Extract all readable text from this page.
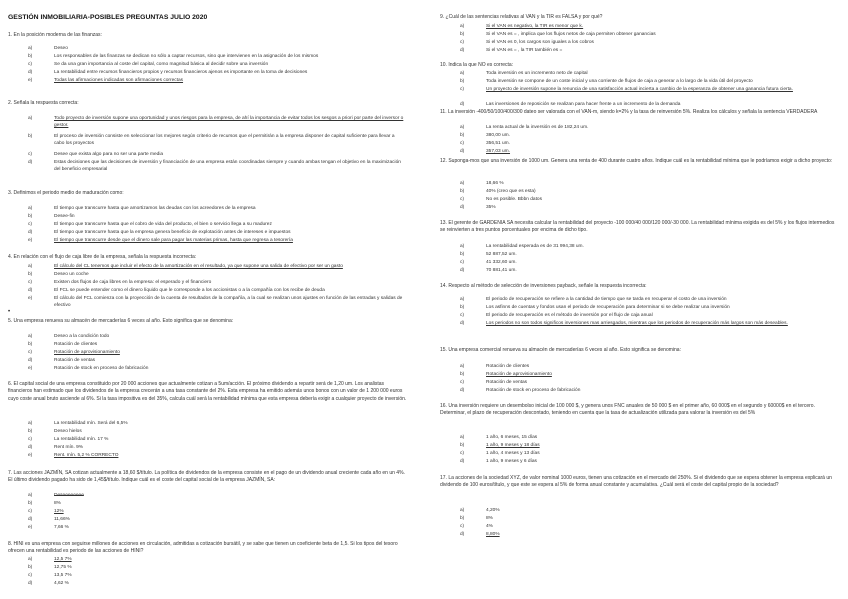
GESTIÓN INMOBILIARIA-POSIBLES PREGUNTAS JULIO 2020
1. En la posición moderna de las finanzas:
a)	Deseo
b)	Los responsables de las finanzas se dedican no sólo a captar recursos, sino que intervienen en la asignación de los mismos
c)	Se da una gran importancia al coste del capital, como magnitud básica al decidir sobre una inversión
d)	La rentabilidad entre recursos financieros propios y recursos financieros ajenos es importante en la toma de decisiones
e)	Todas las afirmaciones indicadas son afirmaciones correctas
2. Señala la respuesta correcta:
a)	Todo proyecto de inversión supone una oportunidad y unos riesgos para la empresa, de ahí la importancia de evitar todos los sesgos a priori por parte del inversor o gestor.
b)	El proceso de inversión consiste en seleccionar los mejores según criterio de recursos que el permitirán a la empresa disponer de capital suficiente para llevar a cabo los proyectos
c)	Desee que exista algo para no ser una parte media
d)	Estas decisiones que las decisiones de inversión y financiación de una empresa están coordinadas siempre y cuando ambas tengan el objetivo en la maximización del beneficio empresarial
3. Definimos el periodo medio de maduración como:
a)	El tiempo que transcurre hasta que amortizamos las deudas con los acreedores de la empresa
b)	Desee-fin
c)	El tiempo que transcurre hasta que el cobro de vida del producto, el bien o servicio llega a su madurez
d)	El tiempo que transcurre hasta que la empresa genera beneficio de explotación antes de intereses e impuestos
e)	El tiempo que transcurre desde que el dinero sale para pagar las materias primas, hasta que regresa a tesorería
4. En relación con el flujo de caja libre de la empresa, señala la respuesta incorrecta:
a)	El cálculo del CL tenemos que incluir el efecto de la amortización en el resultado, ya que supone una salida de efectivo por ser un gasto
b)	Deseo un coche
c)	Existen dos flujos de caja libres en la empresa: el esperado y el financiero
d)	El FCL se puede entender como el dinero líquido que le corresponde a los accionistas o a la compañía con los recibe de deuda
e)	El cálculo del FCL comienza con la proyección de la cuenta de resultados de la compañía, a la cual se realizan unos ajustes en función de las entradas y salidas de efectivo
•
5. Una empresa renueva su almacén de mercaderías 6 veces al año. Esto significa que se denomina:
a)	Deseo a la condición todo
b)	Rotación de clientes
c)	Rotación de aprovisionamiento
d)	Rotación de ventas
e)	Rotación de stock en proceso de fabricación
6. El capital social de una empresa constituido por 20 000 acciones que actualmente cotizan a 5um/acción. El próximo dividendo a repartir será de 1,20 um. Los analistas financieros han estimado que los dividendos de la empresa crecerán a una tasa constante del 2%. Esta empresa ha emitido además unos bonos con un valor de 1 200 000 euros cuyo coste anual bruto asciende al 6%. Si la tasa impositiva es del 35%, calcula cuál será la rentabilidad mínima que esta empresa debería exigir a cualquier proyecto de inversión.
a)	La rentabilidad mín. Será del 6,5%
b)	Deseo hielos
c)	La rentabilidad mín. 17 %
d)	Rent mín. 9%
e)	Rent. mín. 5,2 % CORRECTO
7. Las acciones JAZMÍN, SA cotizan actualmente a 18,60 $/título. La política de dividendos de la empresa consiste en el pago de un dividendo anual creciente cada año en un 4%. El último dividendo pagado ha sido de 1,45$/título. Indique cuál es el coste del capital social de la empresa JAZMÍN, SA:
a)	Deseeeeeeee
b)	8%
c)	12%
d)	11,66%
e)	7,66 %
8. HINI es una empresa con seguirse millones de acciones en circulación, admitidas a cotización bursátil, y se sabe que tienen un coeficiente beta de 1,5. Si los tipos del tesoro ofrecen una rentabilidad es periodo de las acciones de HINI?
a)	12,5 7%
b)	12,75 %
c)	13,5 7%
d)	4,62 %
9. ¿Cuál de las sentencias relativas al VAN y la TIR es FALSA y por qué?
a)	Si el VAN es negativo, la TIR es menor que k.
b)	Si el VAN es = , implica que los flujos netos de caja permiten obtener ganancias
c)	Si el VAN es 0, los cargos son iguales a los cobros
d)	Si el VAN es = , la TIR también es =
10. Indica la que NO es correcta:
a)	Toda inversión es un incremento neto de capital
b)	Toda inversión se compone de un coste inicial y una corriente de flujos de caja a generar a lo largo de la vida útil del proyecto
c)	Un proyecto de inversión supone la renuncia de una satisfacción actual incierta a cambio de la esperanza de obtener una ganancia futura cierta.
d)	Las inversiones de reposición se realizan para hacer frente a un incremento de la demanda
11. La inversión -400/50/100/400/300 dateo ser valorada con el VAN-m, siendo k=2% y la tasa de reinversión 5%. Realiza los cálculos y señala la sentencia VERDADERA
a)	La renta actual de la inversión es de 182,24 um.
b)	380,00 um.
c)	356,51 um.
d)	357,03 um.
12. Suponga-mos que una inversión de 1000 um. Genera una renta de 400 durante cuatro años. Indique cuál es la rentabilidad mínima que le podríamos exigir a dicho proyecto:
a)	18,66 %
b)	40% (creo que es esta)
c)	No es posible. Bbbn datos
d)	35%
13. El gerente de GARDENIA SA necesita calcular la rentabilidad del proyecto -100 000/40 000/120 000/-30 000. La rentabilidad mínima exigida es del 5% y los flujos intermedios se reinvierten a tres puntos porcentuales por encima de dicho tipo.
a)	La rentabilidad esperada es de 31 994,38 um.
b)	52 887,52 um.
c)	41 332,60 um.
d)	70 881,41 um.
14. Respecto al método de selección de inversiones payback, señale la respuesta incorrecta:
a)	El periodo de recuperación se refiere a la cantidad de tiempo que se tarda en recuperar el costo de una inversión
b)	Los asfinns de cuentas y fondos usan el periodo de recuperación para determinar si se debe realizar una inversión
c)	El periodo de recuperación es el método de inversión por el flujo de caja anual
d)	Los periodos no son todos significos inversiones mas arriesgados, mientras que los periodos de recuperación más largos son más deseables.
15. Una empresa comercial renueva su almacén de mercaderías 6 veces al año. Esto significa se denomina:
a)	Rotación de clientes
b)	Rotación de aprovisionamiento
c)	Rotación de ventas
d)	Rotación de stock en proceso de fabricación
16. Una inversión requiere un desembolso inicial de 100 000 $, y genera unos FNC anuales de 50 000 $ en el primer año, 60 000$ en el segundo y 60000$ en el tercero. Determinar, el plazo de recuperación descontado, teniendo en cuenta que la tasa de actualización utilizada para valorar la inversión es del 5%
a)	1 año, 6 meses, 15 días
b)	1 año, 9 meses y 18 días
c)	1 año, 4 meses y 13 días
d)	1 año, 9 meses y 6 días
17. La acciones de la sociedad XYZ, de valor nominal 1000 euros, tienen una cotización en el mercado del 250%. Si el dividendo que se espera obtener la empresa explicará un dividendo de 100 euros/título, y que este se espera al 5% de forma anual constante y acumulativa. ¿Cuál será el coste del capital propio de la sociedad?
a)	4,20%
b)	8%
c)	4%
d)	8,80%
